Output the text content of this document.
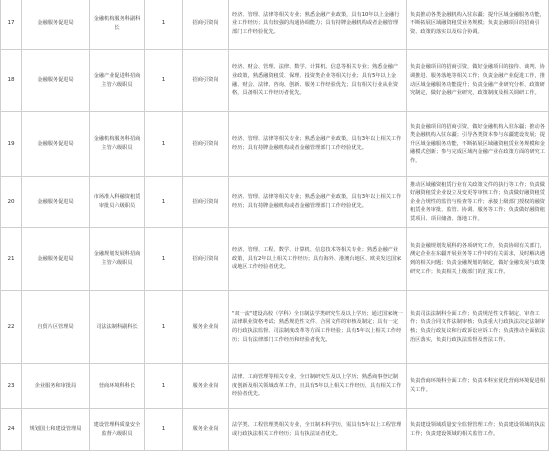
17	金融服务促进局	金融机构服务科副科长	1	招商引资岗	经济、管理、法律等相关专业；熟悉金融产业政策，具有10年以上金融行业工作经历；具有较强的沟通协调能力；具有持牌金融机构或者金融管理部门工作经验优先。	负责推动各类金融机构入驻东疆；提升区域金融服务功能，不断拓展区域融资租赁业务规模；负责金融项目的招商引资、政策的落实以及综合协调。
18	金融服务促进局	金融产业促进科招商主管六级职员	1	招商引资岗	经济、财会、管理、法律、数学、计算机、信息等相关专业；熟悉金融产业政策，熟悉融资租赁、保理、投资类企业等相关行业；具有5年以上金融、财会、法律、咨询、创新、服务工作经验优先；具有相关行业从业资格，具备相关工作经历者优先。	负责金融项目的招商引资，做好金融项目的接待、谈判、协调推进、服务落地等相关工作；负责金融产业促进工作，推动区域金融服务功能提升；负责金融产业研究分析、政策研究制定，做好金融产业研究，政策制度及相关调研工作。
19	金融服务促进局	金融机构服务科招商主管六级职员	1	招商引资岗	经济、管理、法律等相关专业；熟悉金融产业政策，具有3年以上相关工作经历；具有持牌金融机构或者金融管理部门工作经验优先。	负责金融项目的招商引资，做好金融机构入驻东疆；推动各类金融机构入驻东疆；引导各类资本参与东疆建设发展；提升区域金融服务功能，不断拓展区域融资租赁业务规模和金融模式创新；参与完成区域内金融产业在政策方面的研究工作。
20	金融服务促进局	市场准入科融资租赁审批员六级职员	1	招商引资岗	经济、管理、法律等相关专业；熟悉金融产业政策，具有3年以上相关工作经历；具有持牌金融机构或者金融管理部门工作经验优先。	推动区域融资租赁行业有关政策文件的执行等工作；负责做好融资租赁企业设立及变更等审核工作；负责做好融资租赁企业合规性的监管与检查等工作；承接上级部门授权的融资租赁业务审批、监管、协调、服务等工作；负责做好融资租赁项目、项目储备、落地工作。
21	金融服务促进局	金融规划发展科招商主管六级职员	1	招商引资岗	经济、管理、工程、数学、计算机、信息技术等相关专业；熟悉金融产业政策，具有2年以上相关工作经历；具有海外、港澳台地区、欧美发达国家或地区工作经验者优先。	负责金融规划发展科的各项研究工作，负责协调有关部门，测定企业在东疆开展业务等工作中的有关需求，及时解决遇到的相关问题；负责金融规划的制定，做好金融发展与政策研究工作；负责相关上级部门的汇报工作。
22	自贸片区管理局	司法法制科副科长	1	服务企业岗	"双一流"建设高校（学科）全日制法学类研究生及以上学历；通过国家统一法律职业资格考试；熟悉规范性文件、合同文件的审核及制定；具有一定的行政执法监督、司法制度改革等方面工作经验；具有5年以上相关工作经历；具有法律部门工作经历和经验者优先。	负责司法法制科全面工作；负责规范性文件制定、审查工作；负责合同文件法制审核；负责重大行政执法决定法制审核；负责行政复议和行政诉讼应诉工作；负责推动全面依法治区落实，负责行政执法监督及普法工作。
23	企业服务和审批局	营商环境科科长	1	服务企业岗	法律、工商管理等相关专业，全日制研究生及以上学历；熟悉商事登记制度创新及相关领域改革工作，且具有5年以上相关工作经历，具有相关工作经验者优先。	负责营商环境科全面工作；负责本科室优化营商环境促进相关工作。
24	规划国土和建设管理局	建设管理科质量安全监督六级职员	1	服务企业岗	法学类、工程管理类相关专业，全日制本科学历，需具有5年以上工程管理或行政执法相关工作经历；具有执法证者优先。	负责建设领域质量安全监督管理工作；负责建设领域的执法工作；负责建设领域的相关监管工作。
